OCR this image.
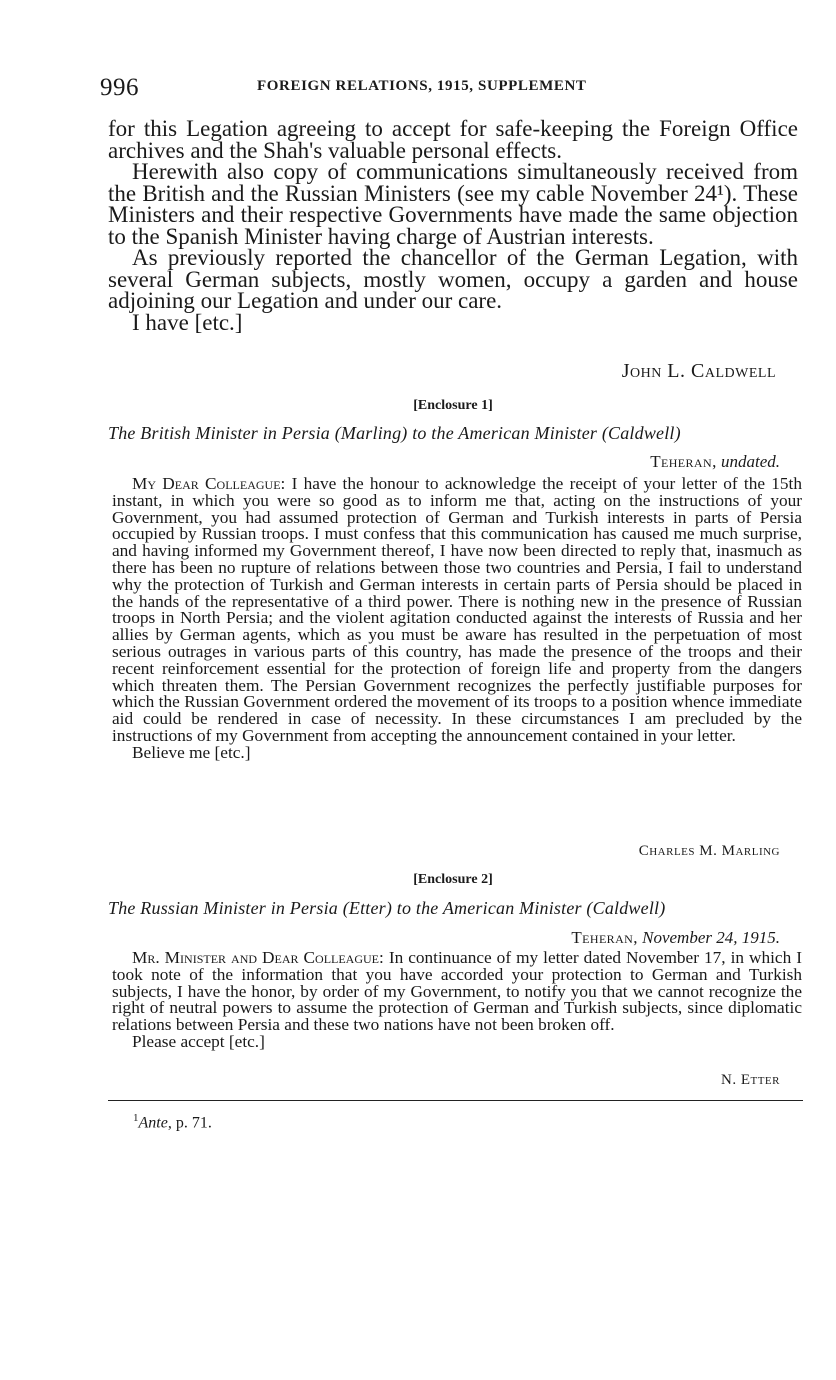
996	FOREIGN RELATIONS, 1915, SUPPLEMENT

for this Legation agreeing to accept for safe-keeping the Foreign Office archives and the Shah's valuable personal effects.

Herewith also copy of communications simultaneously received from the British and the Russian Ministers (see my cable November 24¹). These Ministers and their respective Governments have made the same objection to the Spanish Minister having charge of Austrian interests.

As previously reported the chancellor of the German Legation, with several German subjects, mostly women, occupy a garden and house adjoining our Legation and under our care.

I have [etc.]

John L. Caldwell
[Enclosure 1]
The British Minister in Persia (Marling) to the American Minister (Caldwell)
Teheran, undated.

My Dear Colleague: I have the honour to acknowledge the receipt of your letter of the 15th instant, in which you were so good as to inform me that, acting on the instructions of your Government, you had assumed protection of German and Turkish interests in parts of Persia occupied by Russian troops. I must confess that this communication has caused me much surprise, and having informed my Government thereof, I have now been directed to reply that, inasmuch as there has been no rupture of relations between those two countries and Persia, I fail to understand why the protection of Turkish and German interests in certain parts of Persia should be placed in the hands of the representative of a third power. There is nothing new in the presence of Russian troops in North Persia; and the violent agitation conducted against the interests of Russia and her allies by German agents, which as you must be aware has resulted in the perpetuation of most serious outrages in various parts of this country, has made the presence of the troops and their recent reinforcement essential for the protection of foreign life and property from the dangers which threaten them. The Persian Government recognizes the perfectly justifiable purposes for which the Russian Government ordered the movement of its troops to a position whence immediate aid could be rendered in case of necessity. In these circumstances I am precluded by the instructions of my Government from accepting the announcement contained in your letter.

Believe me [etc.]

Charles M. Marling
[Enclosure 2]
The Russian Minister in Persia (Etter) to the American Minister (Caldwell)
Teheran, November 24, 1915.

Mr. Minister and Dear Colleague: In continuance of my letter dated November 17, in which I took note of the information that you have accorded your protection to German and Turkish subjects, I have the honor, by order of my Government, to notify you that we cannot recognize the right of neutral powers to assume the protection of German and Turkish subjects, since diplomatic relations between Persia and these two nations have not been broken off.

Please accept [etc.]

N. Etter
$^1$Ante, p. 71.
